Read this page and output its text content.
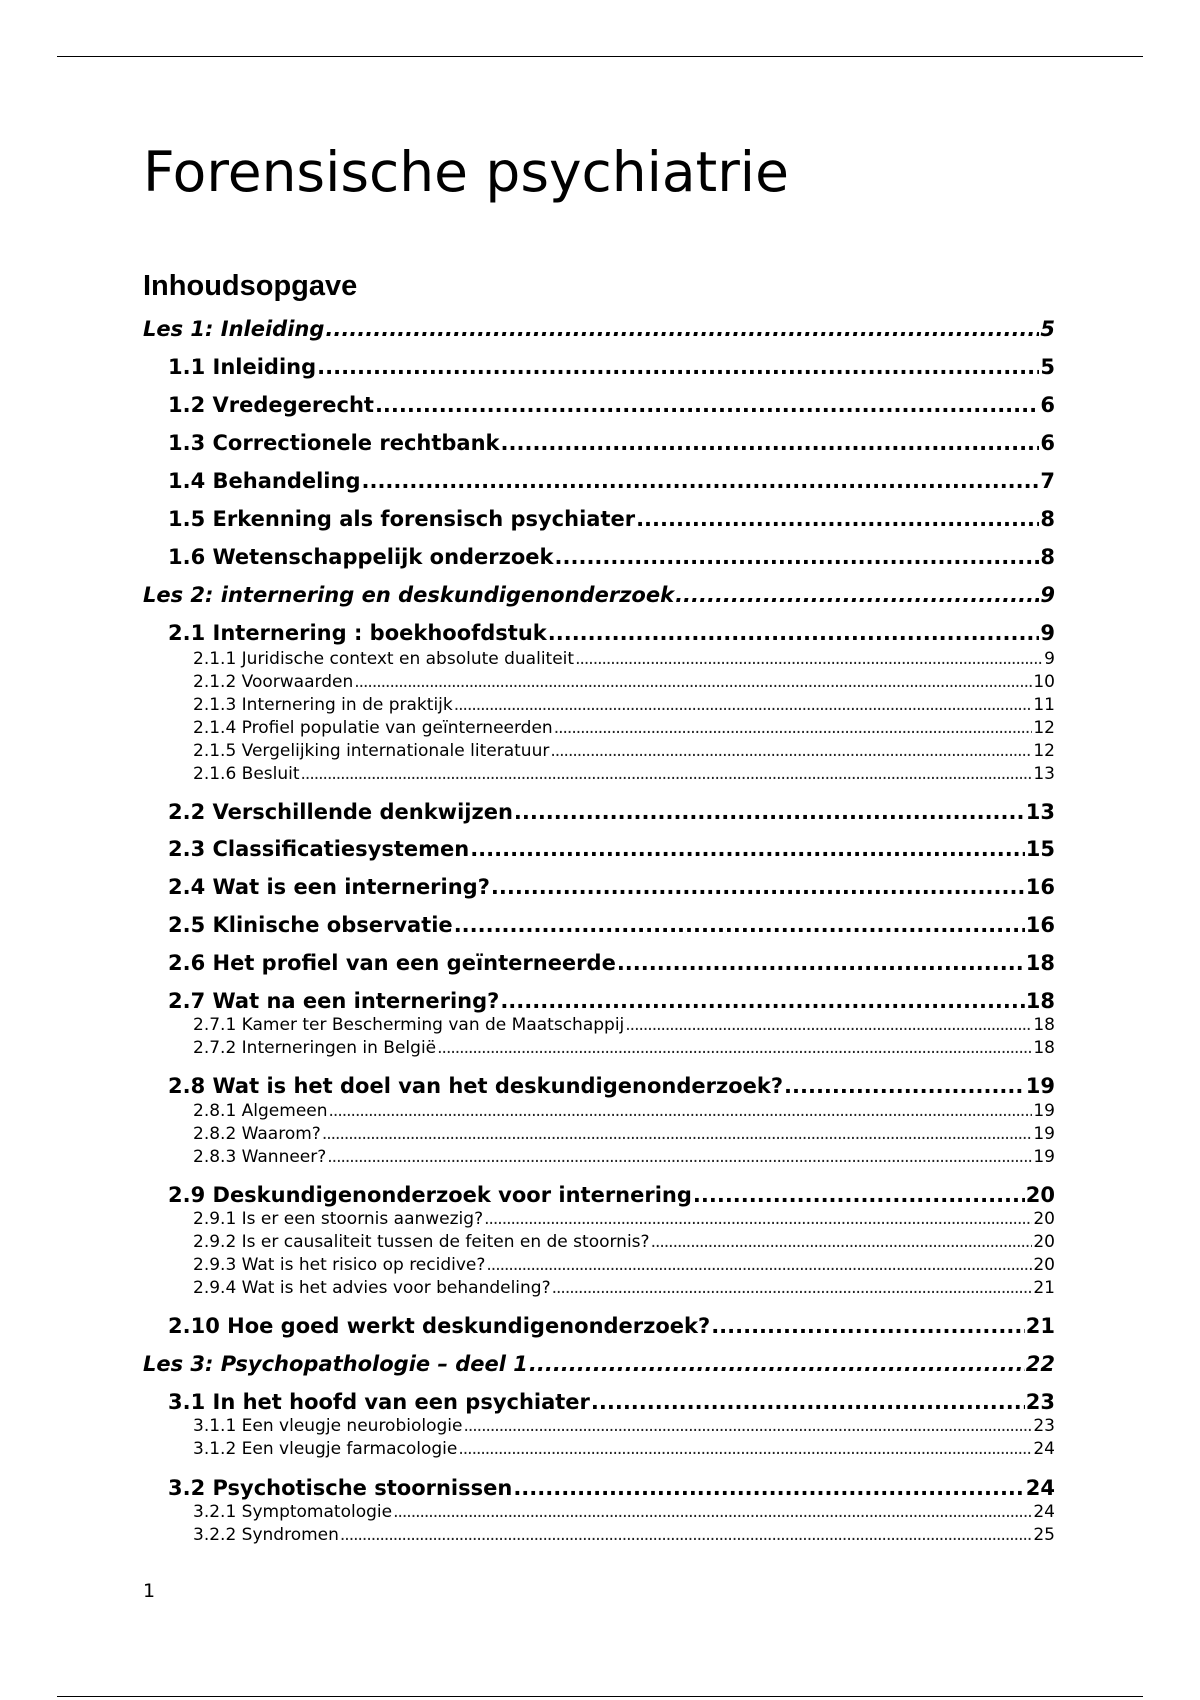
Forensische psychiatrie
Inhoudsopgave
Les 1: Inleiding .....	5
1.1 Inleiding .....	5
1.2 Vredegerecht .....	6
1.3 Correctionele rechtbank .....	6
1.4 Behandeling .....	7
1.5 Erkenning als forensisch psychiater .....	8
1.6 Wetenschappelijk onderzoek .....	8
Les 2: internering en deskundigenonderzoek .....	9
2.1 Internering : boekhoofdstuk .....	9
2.1.1 Juridische context en absolute dualiteit .....	9
2.1.2 Voorwaarden .....	10
2.1.3 Internering in de praktijk .....	11
2.1.4 Profiel populatie van geïnterneerden .....	12
2.1.5 Vergelijking internationale literatuur .....	12
2.1.6 Besluit .....	13
2.2 Verschillende denkwijzen .....	13
2.3 Classificatiesystemen .....	15
2.4 Wat is een internering? .....	16
2.5 Klinische observatie .....	16
2.6 Het profiel van een geïnterneerde .....	18
2.7 Wat na een internering? .....	18
2.7.1 Kamer ter Bescherming van de Maatschappij .....	18
2.7.2 Interneringen in België .....	18
2.8 Wat is het doel van het deskundigenonderzoek? .....	19
2.8.1 Algemeen .....	19
2.8.2 Waarom? .....	19
2.8.3 Wanneer? .....	19
2.9 Deskundigenonderzoek voor internering .....	20
2.9.1 Is er een stoornis aanwezig? .....	20
2.9.2 Is er causaliteit tussen de feiten en de stoornis? .....	20
2.9.3 Wat is het risico op recidive? .....	20
2.9.4 Wat is het advies voor behandeling? .....	21
2.10 Hoe goed werkt deskundigenonderzoek? .....	21
Les 3: Psychopathologie – deel 1 .....	22
3.1 In het hoofd van een psychiater .....	23
3.1.1 Een vleugje neurobiologie .....	23
3.1.2 Een vleugje farmacologie .....	24
3.2 Psychotische stoornissen .....	24
3.2.1 Symptomatologie .....	24
3.2.2 Syndromen .....	25
1
